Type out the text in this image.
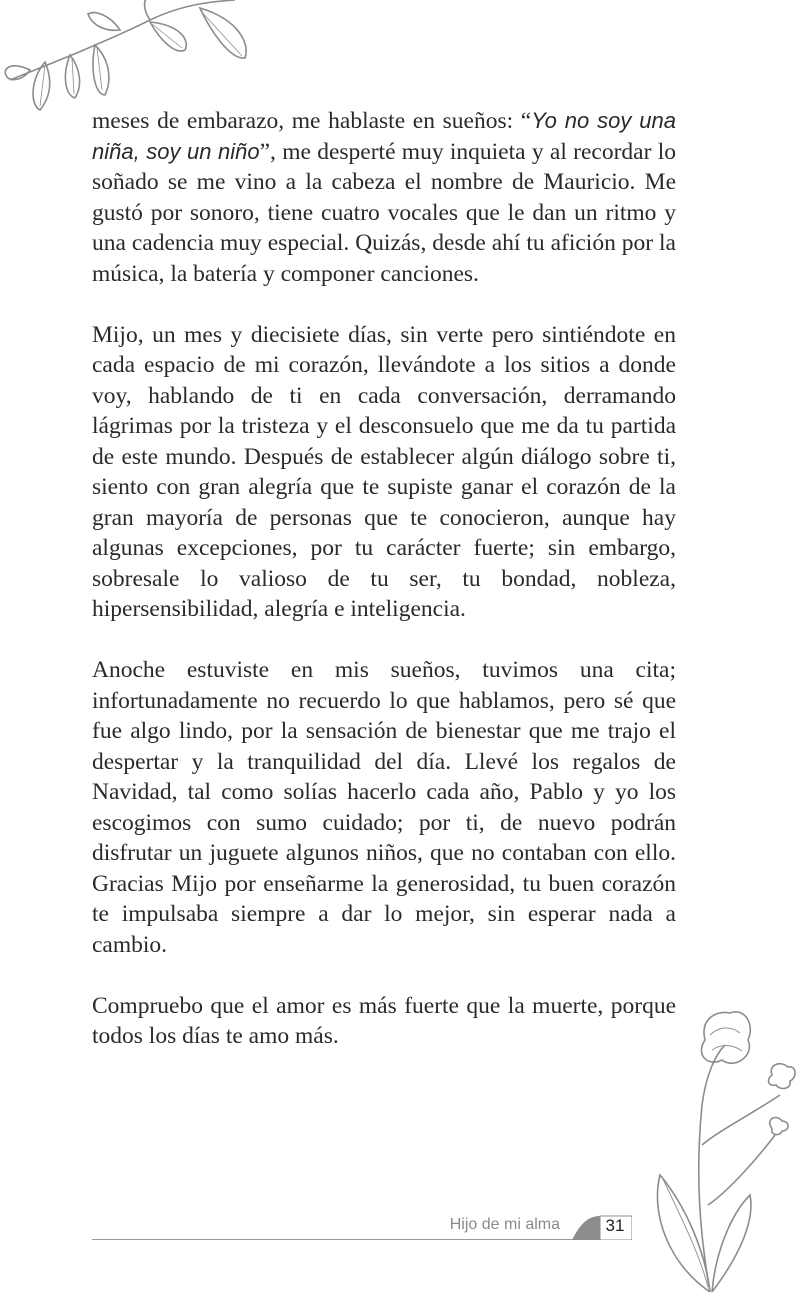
meses de embarazo, me hablaste en sueños: “Yo no soy una niña, soy un niño”, me desperté muy inquieta y al recordar lo soñado se me vino a la cabeza el nombre de Mauricio. Me gustó por sonoro, tiene cuatro vocales que le dan un ritmo y una cadencia muy especial. Quizás, desde ahí tu afición por la música, la batería y componer canciones.

Mijo, un mes y diecisiete días, sin verte pero sintiéndote en cada espacio de mi corazón, llevándote a los sitios a donde voy, hablando de ti en cada conversación, derramando lágrimas por la tristeza y el desconsuelo que me da tu partida de este mundo. Después de establecer algún diálogo sobre ti, siento con gran alegría que te supiste ganar el corazón de la gran mayoría de personas que te conocieron, aunque hay algunas excepciones, por tu carácter fuerte; sin embargo, sobresale lo valioso de tu ser, tu bondad, nobleza, hipersensibilidad, alegría e inteligencia.

Anoche estuviste en mis sueños, tuvimos una cita; infortunadamente no recuerdo lo que hablamos, pero sé que fue algo lindo, por la sensación de bienestar que me trajo el despertar y la tranquilidad del día. Llevé los regalos de Navidad, tal como solías hacerlo cada año, Pablo y yo los escogimos con sumo cuidado; por ti, de nuevo podrán disfrutar un juguete algunos niños, que no contaban con ello. Gracias Mijo por enseñarme la generosidad, tu buen corazón te impulsaba siempre a dar lo mejor, sin esperar nada a cambio.

Compruebo que el amor es más fuerte que la muerte, porque todos los días te amo más.

Hijo de mi alma	31
